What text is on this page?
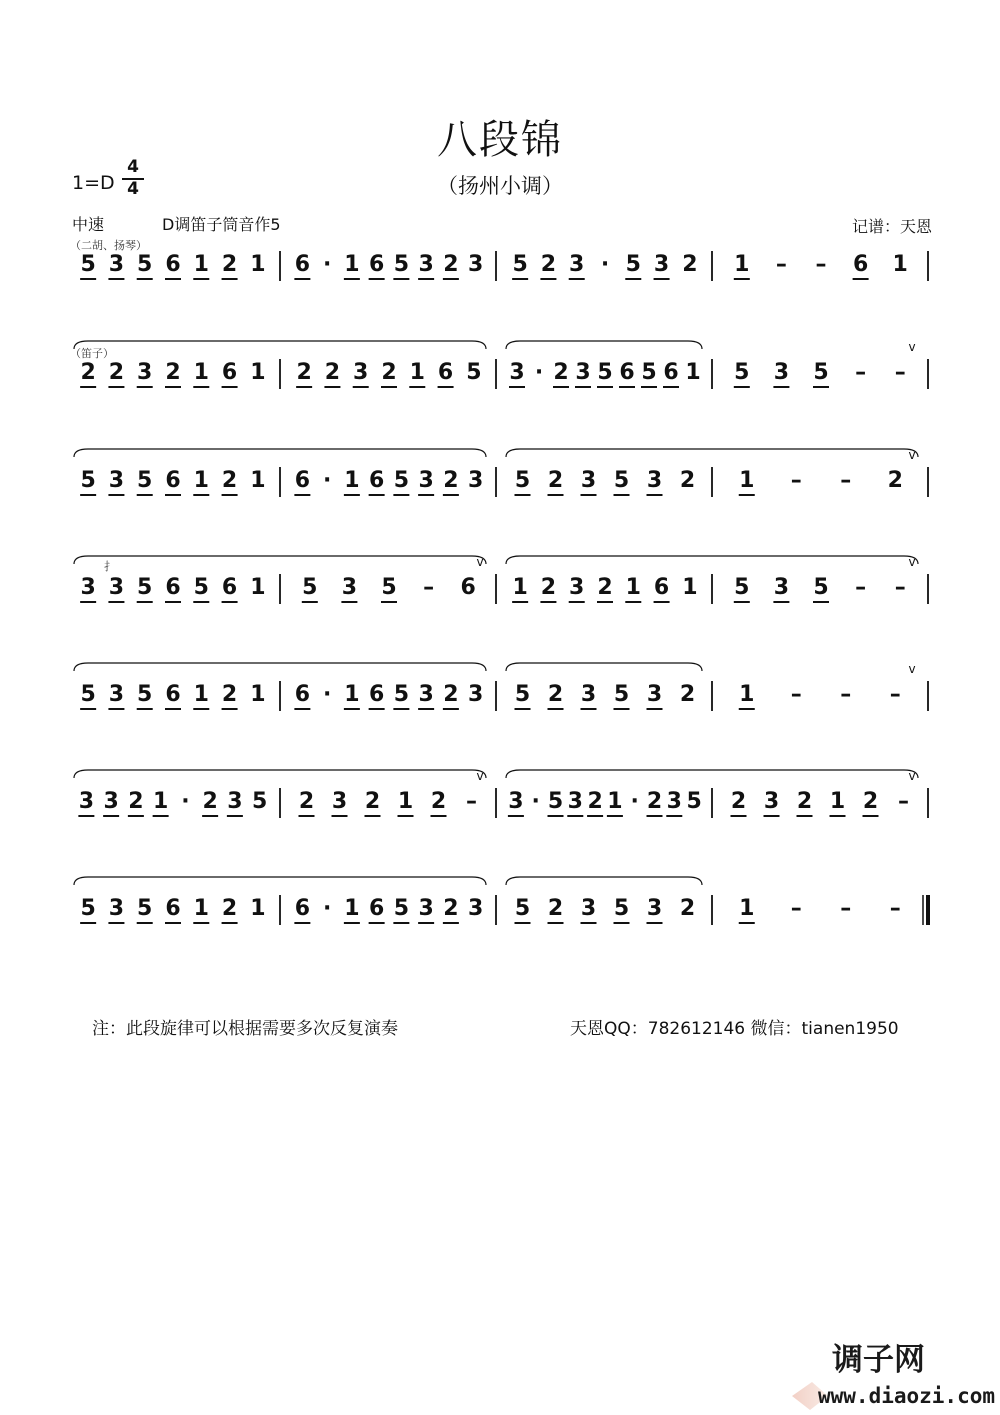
八段锦
（扬州小调）
1=D
4
4
中速	D调笛子筒音作5	记谱：天恩
5 3 5 6 1 2 1 6 · 1 6 5 3 2 3 5 2 3 · 5 3 2 1 – – 6 1
（二胡、扬琴）
2 2 3 2 1 6 1 2 2 3 2 1 6 5 3 · 2 3 5 6 5 6 1 5 3 5 – –
v
（笛子）
5 3 5 6 1 2 1 6 · 1 6 5 3 2 3 5 2 3 5 3 2 1 – – 2
v
3 3 5 6 5 6 1 5 3 5 – 6 1 2 3 2 1 6 1 5 3 5 – –
v	v
扌
5 3 5 6 1 2 1 6 · 1 6 5 3 2 3 5 2 3 5 3 2 1 – – –
v
3 3 2 1 · 2 3 5 2 3 2 1 2 – 3 · 5 3 2 1 · 2 3 5 2 3 2 1 2 –
v	v
5 3 5 6 1 2 1 6 · 1 6 5 3 2 3 5 2 3 5 3 2 1 – – –
注：此段旋律可以根据需要多次反复演奏	天恩QQ：782612146 微信：tianen1950
调子网
www.diaozi.com
